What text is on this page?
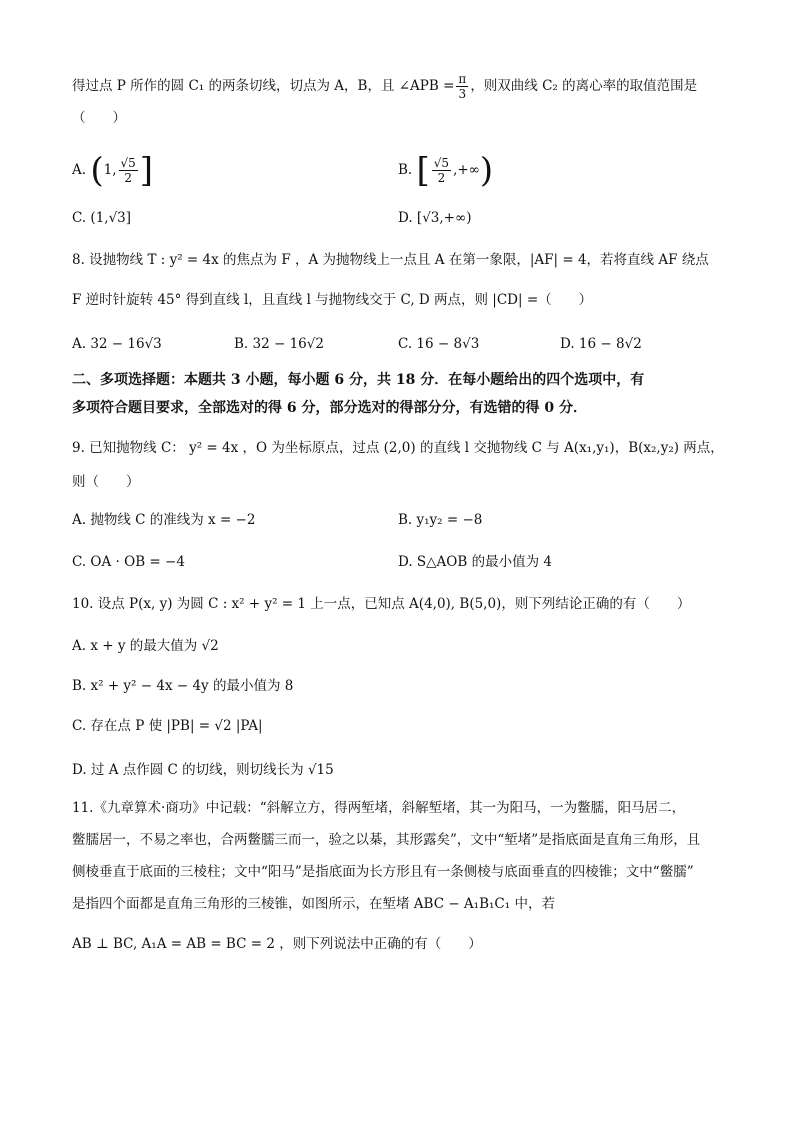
得过点 P 所作的圆 C₁ 的两条切线，切点为 A，B，且 ∠APB = $\frac{\pi}{3}$ ，则双曲线 C₂ 的离心率的取值范围是
（　　）
A. (1, $\frac{√5}{2}$ ]	B. [ $\frac{√5}{2}$ ,+∞)
C. (1,√3]	D. [√3,+∞)
8. 设抛物线 T : y² = 4x 的焦点为 F ，A 为抛物线上一点且 A 在第一象限，|AF| = 4，若将直线 AF 绕点
F 逆时针旋转 45° 得到直线 l，且直线 l 与抛物线交于 C, D 两点，则 |CD| =（　　）
A. 32 − 16√3	B. 32 − 16√2	C. 16 − 8√3	D. 16 − 8√2
二、多项选择题：本题共 3 小题，每小题 6 分，共 18 分．在每小题给出的四个选项中，有
多项符合题目要求，全部选对的得 6 分，部分选对的得部分分，有选错的得 0 分．
9. 已知抛物线 C： y² = 4x ，O 为坐标原点，过点 (2,0) 的直线 l 交抛物线 C 与 A(x₁,y₁)，B(x₂,y₂) 两点，
则（　　）
A. 抛物线 C 的准线为 x = −2	B. y₁y₂ = −8
C. OA · OB = −4	D. S△AOB 的最小值为 4
10. 设点 P(x, y) 为圆 C : x² + y² = 1 上一点，已知点 A(4,0), B(5,0)，则下列结论正确的有（　　）
A. x + y 的最大值为 √2
B. x² + y² − 4x − 4y 的最小值为 8
C. 存在点 P 使 |PB| = √2 |PA|
D. 过 A 点作圆 C 的切线，则切线长为 √15
11.《九章算术·商功》中记载：“斜解立方，得两堑堵，斜解堑堵，其一为阳马，一为鳖臑，阳马居二，
鳖臑居一，不易之率也，合两鳖臑三而一，验之以棊，其形露矣”，文中“堑堵”是指底面是直角三角形，且
侧棱垂直于底面的三棱柱；文中“阳马”是指底面为长方形且有一条侧棱与底面垂直的四棱锥；文中“鳖臑”
是指四个面都是直角三角形的三棱锥，如图所示，在堑堵 ABC − A₁B₁C₁ 中，若
AB ⊥ BC, A₁A = AB = BC = 2 ，则下列说法中正确的有（　　）
